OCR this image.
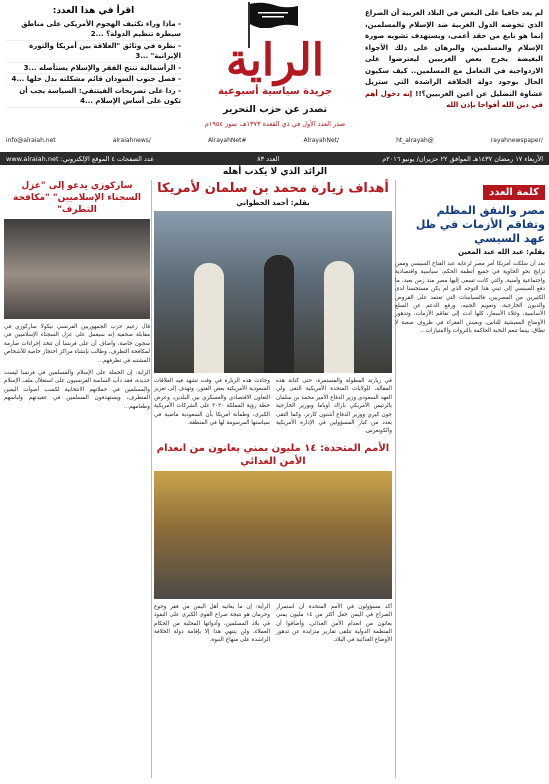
لم يعد خافيا على البعض في البلاد الغربية أن الصراع الذي تخوضه الدول الغربية ضد الإسلام والمسلمين، إنما هو نابع من حقد أعمى، ويستهدف تشويه صورة الإسلام والمسلمين، والبرهان على ذلك الأجواء البغيضة يخرج بعض الغربيين ليعترضوا على الازدواجية في التعامل مع المسلمين.. كيف سكيون الحال بوجود دولة الخلافة الراشدة التي ستزيل غشاوة التضليل عن أعين الغربيين؟!! إنه دخول أهم في دين الله أفواجا بإذن الله
الراية
جريدة سياسية أسبوعية
تصدر عن حزب التحرير
صدر العدد الأول في ذي القعدة ١٣٧٣هـ، تموز ١٩٥٤م
اقرأ في هذا العدد:
- ماذا وراء تكثيف الهجوم الأمريكي على مناطق سيطرة تنظيم الدولة؟ ...2
- نظرة في وثائق "العلاقة بين أمريكا والثورة الإيرانية" ...3
- الرأسمالية تنتج الفقر والإسلام يستأصله ...3
- فصل جنوب السودان قائم مشكلته بدل حلها ...4
- ردا على تصريحات الفيتنفي: السياسة يجب أن تكون على أساس الإسلام ...4
/rayahnewspaper
@ht_alrayah
/AlrayahNet
#AlrayahNet
/alraiahnews
info@alraiah.net
الأربعاء ١٧ رمضان ١٤٣٧هـ الموافق ٢٢ حزيران/ يونيو ٢٠١٦م
العدد ٨٣
عدد الصفحات ٤ الموقع الإلكتروني: www.alraiah.net
الرائد الذي لا يكذب أهله
كلمة العدد
مصر والنفق المظلم وتفاقم الأزمات في ظل عهد السيسي
بقلم: عبد الله عبد المعين
بعد أن سلكت أمريكا أمر مصر لرعاية عبد الفتاح السيسي وممن تزايج نحو الحاوية في جميع أنظمة الحكم، سياسية واقتصادية واجتماعية وأمنية، والتي كانت تسعى إليها مصر منذ زمن بعيد، ما دفع السيسي إلى تبني هذا التوجه الذي لم يكن مستحسنا لدى الكثيرين من المصريين، فالسياسات التي تعتمد على القروض والديون الخارجية، وتعويم الجنيه، ورفع الدعم عن السلع الأساسية، وغلاء الأسعار، كلها أدت إلى تفاقم الأزمات، وتدهور الأوضاع المعيشية للناس، ويعيش الفقراء في ظروف صعبة لا تطاق، بينما تنعم النخبة الحاكمة بالثروات والامتيازات...
أهداف زيارة محمد بن سلمان لأمريكا
بقلم: أحمد الخطواني
في زيارته المطولة والمستمرة، حتى كتابة هذه المقالة، للولايات المتحدة الأمريكية التقى ولي العهد السعودي وزير الدفاع الأمير محمد بن سلمان بالرئيس الأمريكي باراك أوباما وبوزير الخارجية جون كيري ووزير الدفاع آشتون كارتر، وكما التقى بعدد من كبار المسؤولين في الإدارة الأمريكية والكونغرس.
وجاءت هذه الزيارة في وقت تشهد فيه العلاقات السعودية الأمريكية بعض الفتور، وتهدف إلى تعزيز التعاون الاقتصادي والعسكري بين البلدين، وعرض خطة رؤية المملكة ٢٠٣٠ على الشركات الأمريكية الكبرى، وطمأنة أمريكا بأن السعودية ماضية في سياستها المرسومة لها في المنطقة.
الأمم المتحدة: ١٤ مليون يمني يعانون من انعدام الأمن الغذائي
أكد مسؤولون في الأمم المتحدة أن استمرار الصراع في اليمن جعل أكثر من ١٤ مليون يمني يعانون من انعدام الأمن الغذائي، وأضافوا أن المنظمة الدولية تتلقى تقارير متزايدة عن تدهور الأوضاع الغذائية في البلاد.
الرأية: إن ما يعانيه أهل اليمن من فقر وجوع وحرمان هو نتيجة صراع القوى الكبرى على النفوذ في بلاد المسلمين، وأدواتها المحلية من الحكام العملاء، ولن ينتهي هذا إلا بإقامة دولة الخلافة الراشدة على منهاج النبوة.
ساركوزي يدعو إلى "عزل السجناء الإسلاميين" "مكافحة التطرف"
قال زعيم حزب الجمهوريين الفرنسي نيكولا ساركوزي في مقابلة صحفية إنه سيعمل على عزل السجناء الإسلاميين في سجون خاصة، وأضاف أن على فرنسا أن تتخذ إجراءات صارمة لمكافحة التطرف، وطالب بإنشاء مراكز احتجاز خاصة للأشخاص المشتبه في تطرفهم...
الراية: إن الحملة على الإسلام والمسلمين في فرنسا ليست جديدة، فقد دأب الساسة الفرنسيون على استغلال ملف الإسلام والمسلمين في حملاتهم الانتخابية لكسب أصوات اليمين المتطرف، ويستهدفون المسلمين في عقيدتهم ولباسهم وطعامهم...
